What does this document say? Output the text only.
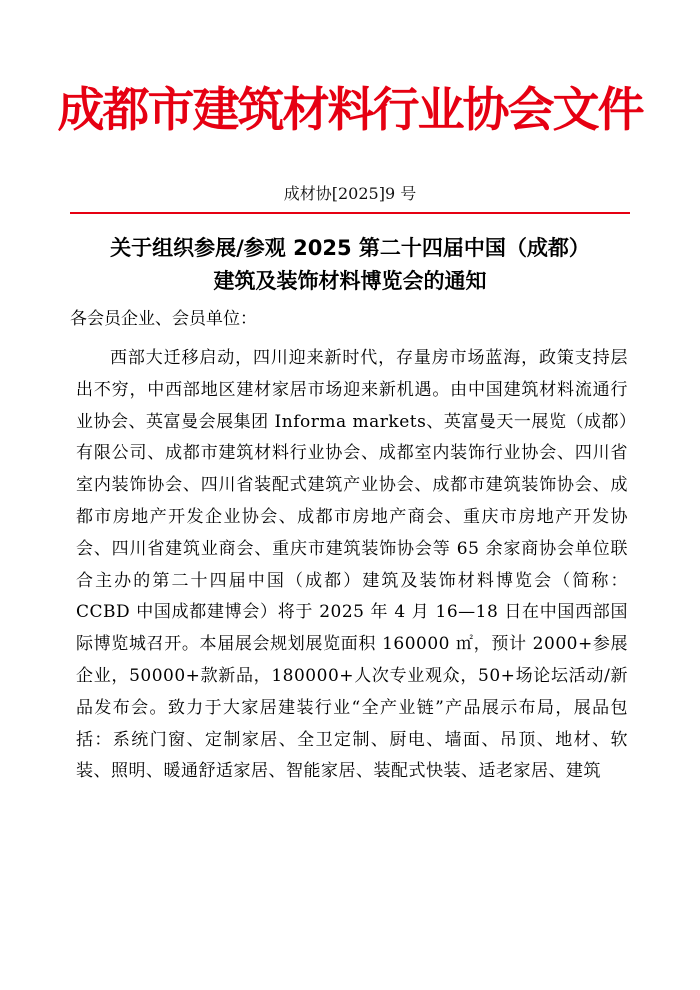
成都市建筑材料行业协会文件
成材协[2025]9 号
关于组织参展/参观 2025 第二十四届中国（成都）
建筑及装饰材料博览会的通知
各会员企业、会员单位：

西部大迁移启动，四川迎来新时代，存量房市场蓝海，政策支持层出不穷，中西部地区建材家居市场迎来新机遇。由中国建筑材料流通行业协会、英富曼会展集团 Informa markets、英富曼天一展览（成都）有限公司、成都市建筑材料行业协会、成都室内装饰行业协会、四川省室内装饰协会、四川省装配式建筑产业协会、成都市建筑装饰协会、成都市房地产开发企业协会、成都市房地产商会、重庆市房地产开发协会、四川省建筑业商会、重庆市建筑装饰协会等 65 余家商协会单位联合主办的第二十四届中国（成都）建筑及装饰材料博览会（简称：CCBD 中国成都建博会）将于 2025 年 4 月 16—18 日在中国西部国际博览城召开。本届展会规划展览面积 160000 ㎡，预计 2000+参展企业，50000+款新品，180000+人次专业观众，50+场论坛活动/新品发布会。致力于大家居建装行业“全产业链”产品展示布局，展品包括：系统门窗、定制家居、全卫定制、厨电、墙面、吊顶、地材、软装、照明、暖通舒适家居、智能家居、装配式快装、适老家居、建筑
